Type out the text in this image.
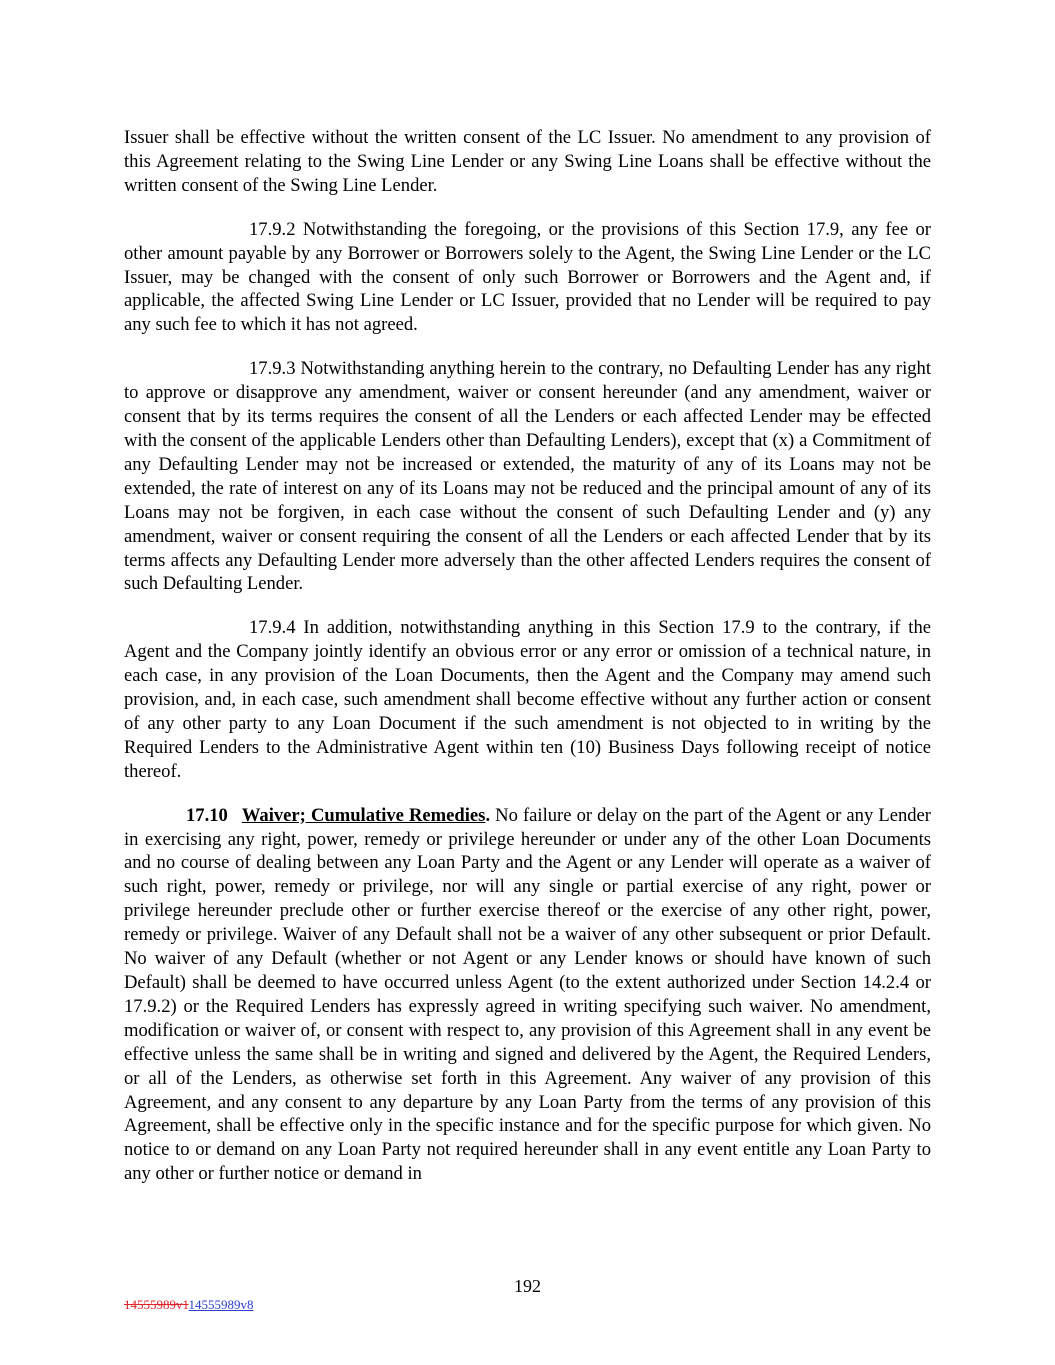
Issuer shall be effective without the written consent of the LC Issuer. No amendment to any provision of this Agreement relating to the Swing Line Lender or any Swing Line Loans shall be effective without the written consent of the Swing Line Lender.

17.9.2 Notwithstanding the foregoing, or the provisions of this Section 17.9, any fee or other amount payable by any Borrower or Borrowers solely to the Agent, the Swing Line Lender or the LC Issuer, may be changed with the consent of only such Borrower or Borrowers and the Agent and, if applicable, the affected Swing Line Lender or LC Issuer, provided that no Lender will be required to pay any such fee to which it has not agreed.

17.9.3 Notwithstanding anything herein to the contrary, no Defaulting Lender has any right to approve or disapprove any amendment, waiver or consent hereunder (and any amendment, waiver or consent that by its terms requires the consent of all the Lenders or each affected Lender may be effected with the consent of the applicable Lenders other than Defaulting Lenders), except that (x) a Commitment of any Defaulting Lender may not be increased or extended, the maturity of any of its Loans may not be extended, the rate of interest on any of its Loans may not be reduced and the principal amount of any of its Loans may not be forgiven, in each case without the consent of such Defaulting Lender and (y) any amendment, waiver or consent requiring the consent of all the Lenders or each affected Lender that by its terms affects any Defaulting Lender more adversely than the other affected Lenders requires the consent of such Defaulting Lender.

17.9.4 In addition, notwithstanding anything in this Section 17.9 to the contrary, if the Agent and the Company jointly identify an obvious error or any error or omission of a technical nature, in each case, in any provision of the Loan Documents, then the Agent and the Company may amend such provision, and, in each case, such amendment shall become effective without any further action or consent of any other party to any Loan Document if the such amendment is not objected to in writing by the Required Lenders to the Administrative Agent within ten (10) Business Days following receipt of notice thereof.

17.10 Waiver; Cumulative Remedies. No failure or delay on the part of the Agent or any Lender in exercising any right, power, remedy or privilege hereunder or under any of the other Loan Documents and no course of dealing between any Loan Party and the Agent or any Lender will operate as a waiver of such right, power, remedy or privilege, nor will any single or partial exercise of any right, power or privilege hereunder preclude other or further exercise thereof or the exercise of any other right, power, remedy or privilege. Waiver of any Default shall not be a waiver of any other subsequent or prior Default. No waiver of any Default (whether or not Agent or any Lender knows or should have known of such Default) shall be deemed to have occurred unless Agent (to the extent authorized under Section 14.2.4 or 17.9.2) or the Required Lenders has expressly agreed in writing specifying such waiver. No amendment, modification or waiver of, or consent with respect to, any provision of this Agreement shall in any event be effective unless the same shall be in writing and signed and delivered by the Agent, the Required Lenders, or all of the Lenders, as otherwise set forth in this Agreement. Any waiver of any provision of this Agreement, and any consent to any departure by any Loan Party from the terms of any provision of this Agreement, shall be effective only in the specific instance and for the specific purpose for which given. No notice to or demand on any Loan Party not required hereunder shall in any event entitle any Loan Party to any other or further notice or demand in

192
14555989v114555989v8
